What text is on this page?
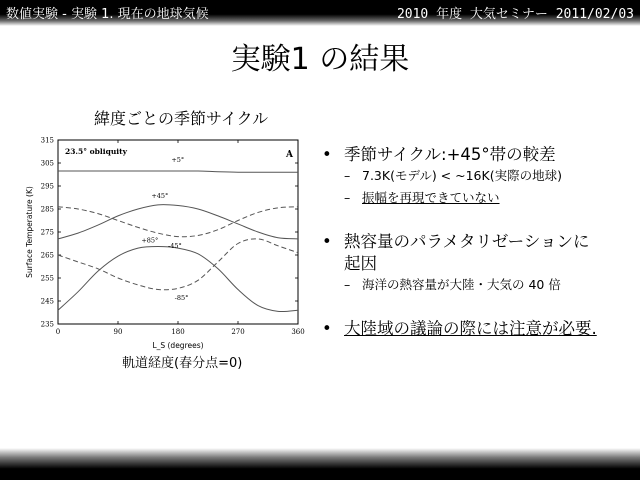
数値実験 - 実験 1. 現在の地球気候	2010 年度 大気セミナー 2011/02/03
実験1 の結果
緯度ごとの季節サイクル
235
245
255
265
275
285
295
305
315
0	90	180	270	360
+5°
+45°
-45°
+85°
-85°
23.5° obliquity	A
Surface Temperature (K)
L_S (degrees)
軌道経度(春分点=0)
• 季節サイクル:+45°帯の較差
– 7.3K(モデル) < ~16K(実際の地球)
– 振幅を再現できていない
• 熱容量のパラメタリゼーションに
起因
– 海洋の熱容量が大陸・大気の 40 倍
• 大陸域の議論の際には注意が必要.
